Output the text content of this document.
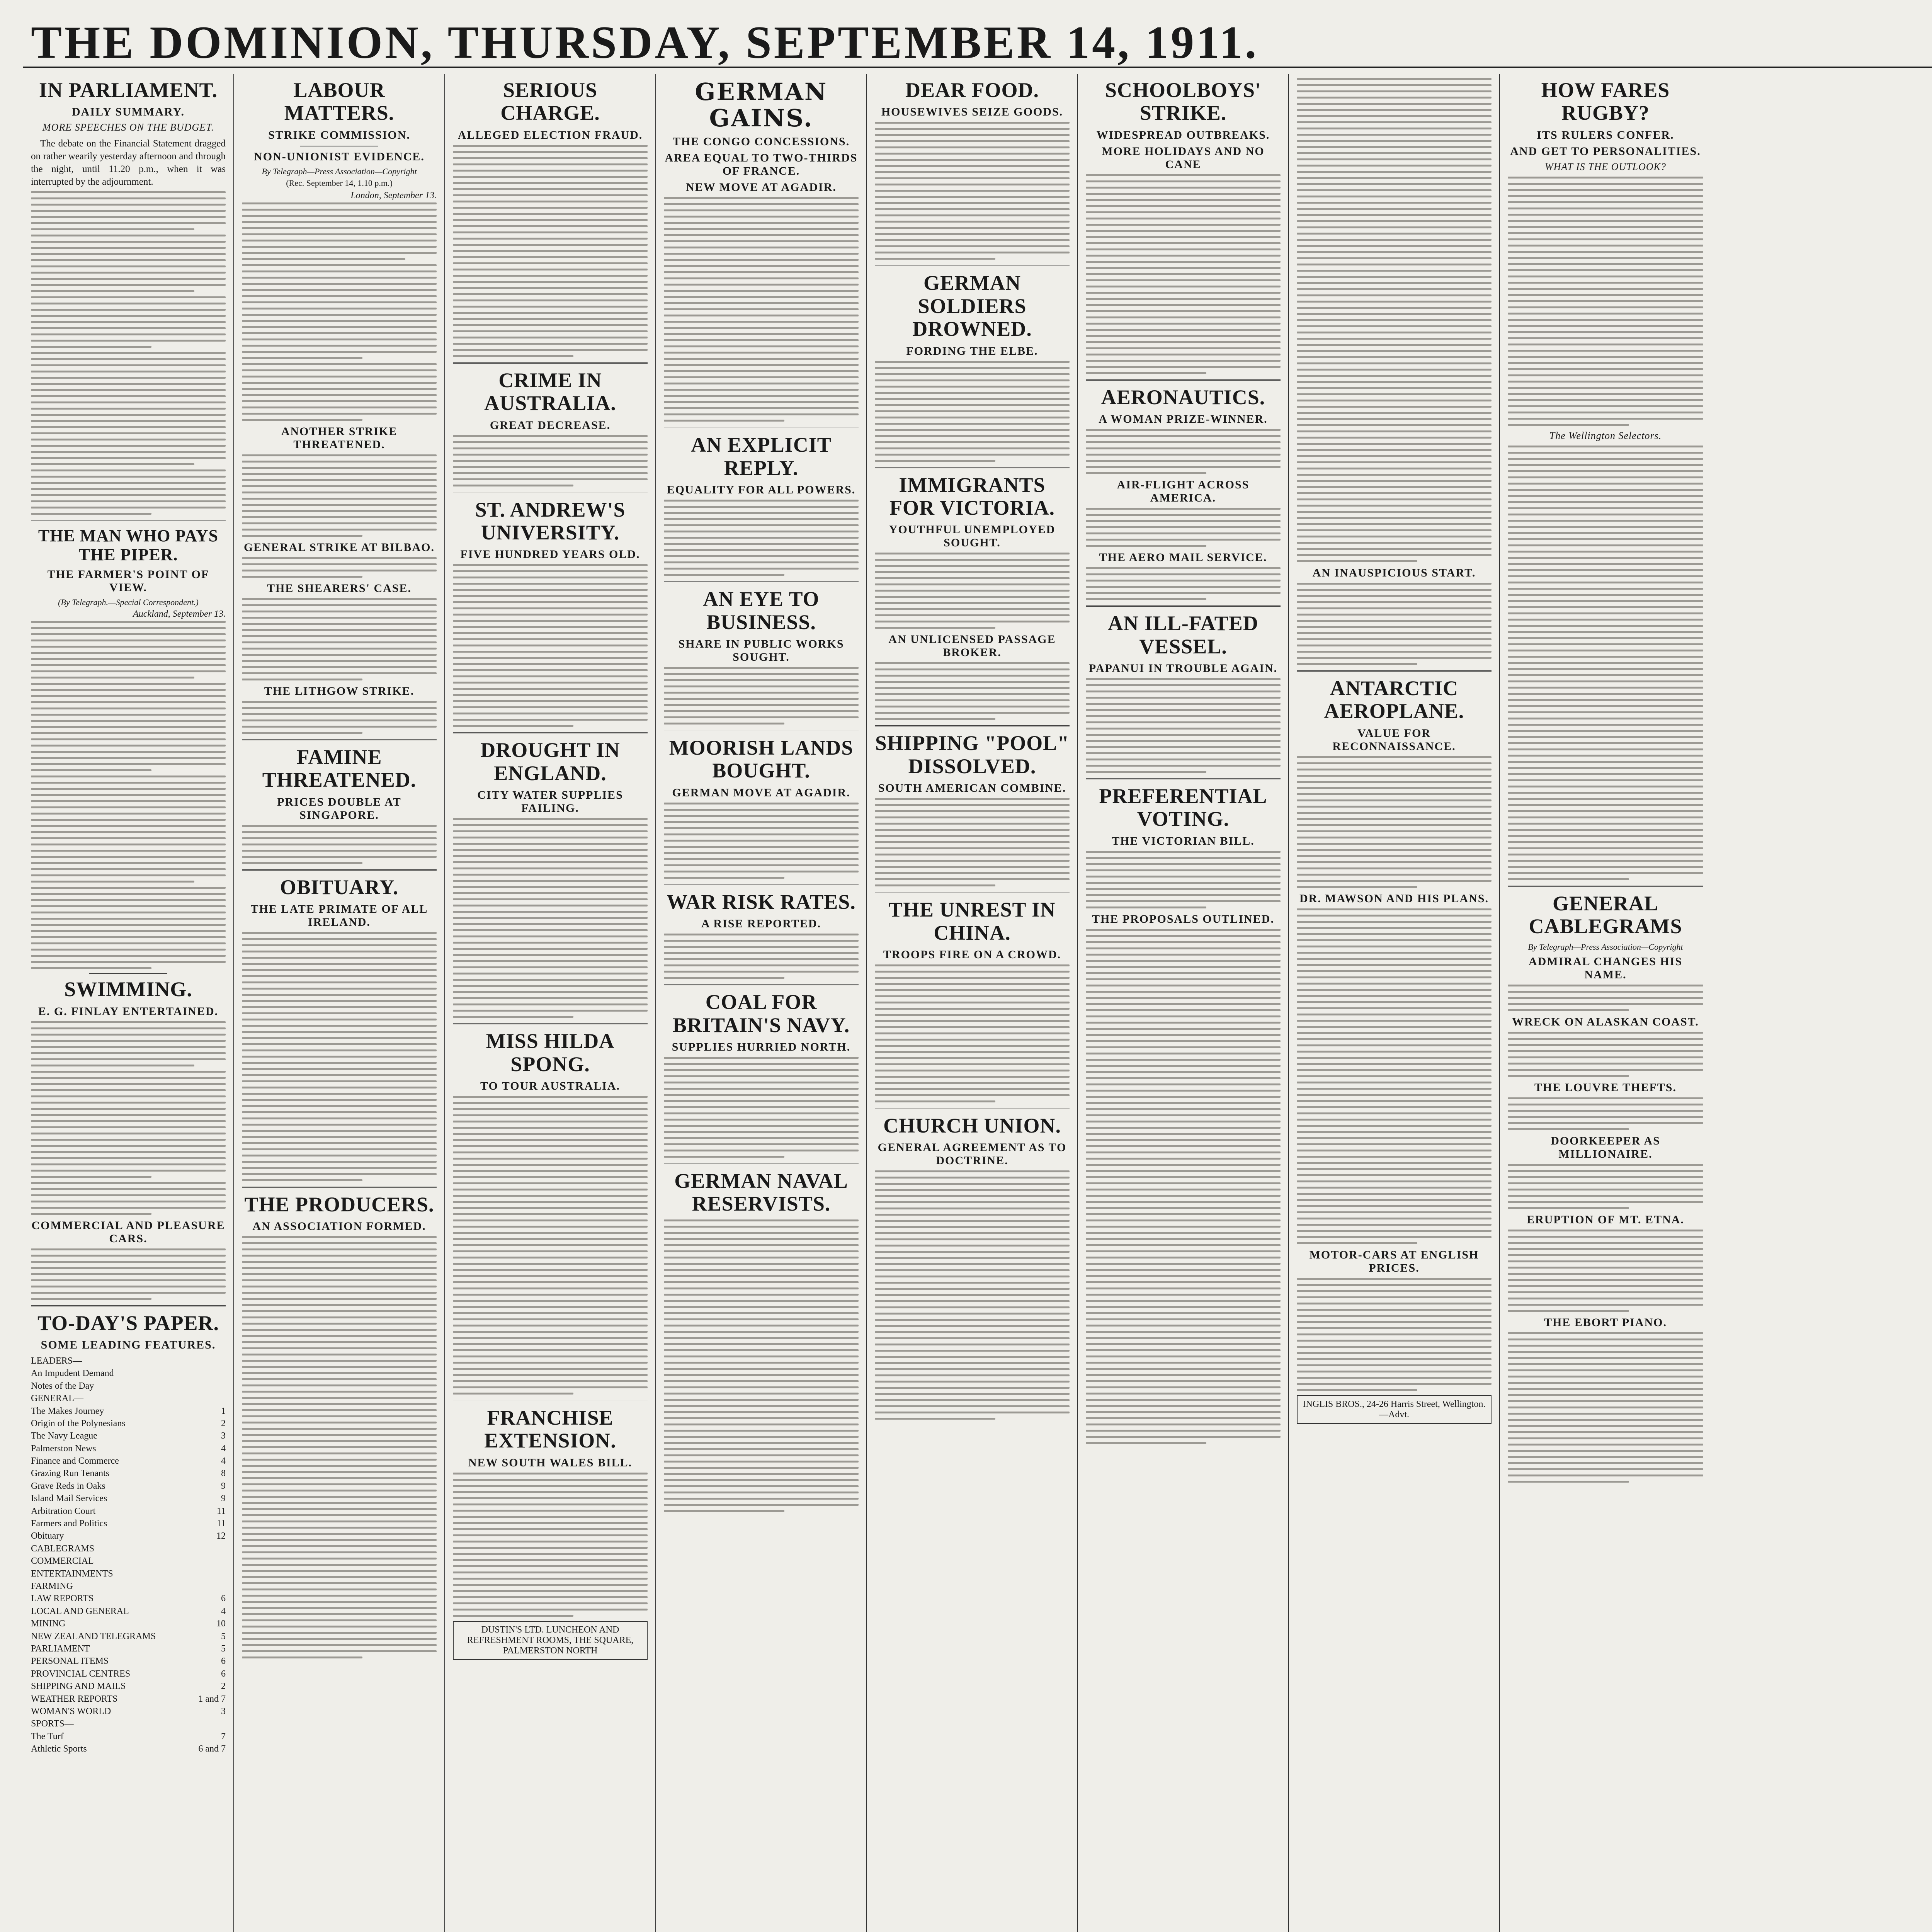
THE DOMINION, THURSDAY, SEPTEMBER 14, 1911.
IN PARLIAMENT.
DAILY SUMMARY.
MORE SPEECHES ON THE BUDGET.

The debate on the Financial Statement dragged on rather wearily yesterday afternoon and through the night, until 11.20 p.m., when it was interrupted by the adjournment.

THE MAN WHO PAYS THE PIPER.
THE FARMER'S POINT OF VIEW.
(By Telegraph.—Special Correspondent.)
Auckland, September 13.
SWIMMING.
E. G. FINLAY ENTERTAINED.
COMMERCIAL AND PLEASURE CARS.
TO-DAY'S PAPER.
SOME LEADING FEATURES.
LEADERS—
An Impudent Demand
Notes of the Day
GENERAL—
The Makes Journey	1
Origin of the Polynesians	2
The Navy League	3
Palmerston News	4
Finance and Commerce	4
Grazing Run Tenants	8
Grave Reds in Oaks	9
Island Mail Services	9
Arbitration Court	11
Farmers and Politics	11
Obituary	12
CABLEGRAMS
COMMERCIAL
ENTERTAINMENTS
FARMING
LAW REPORTS	6
LOCAL AND GENERAL	4
MINING	10
NEW ZEALAND TELEGRAMS	5
PARLIAMENT	5
PERSONAL ITEMS	6
PROVINCIAL CENTRES	6
SHIPPING AND MAILS	2
WEATHER REPORTS	1 and 7
WOMAN'S WORLD	3
SPORTS—
The Turf	7
Athletic Sports	6 and 7
LABOUR MATTERS.
STRIKE COMMISSION.
NON-UNIONIST EVIDENCE.
By Telegraph—Press Association—Copyright
(Rec. September 14, 1.10 p.m.)
London, September 13.
ANOTHER STRIKE THREATENED.
GENERAL STRIKE AT BILBAO.
THE SHEARERS' CASE.
THE LITHGOW STRIKE.
FAMINE THREATENED.
PRICES DOUBLE AT SINGAPORE.
OBITUARY.
THE LATE PRIMATE OF ALL IRELAND.
THE PRODUCERS.
AN ASSOCIATION FORMED.
SERIOUS CHARGE.
ALLEGED ELECTION FRAUD.
CRIME IN AUSTRALIA.
GREAT DECREASE.
ST. ANDREW'S UNIVERSITY.
FIVE HUNDRED YEARS OLD.
DROUGHT IN ENGLAND.
CITY WATER SUPPLIES FAILING.
MISS HILDA SPONG.
TO TOUR AUSTRALIA.
FRANCHISE EXTENSION.
NEW SOUTH WALES BILL.
DUSTIN'S LTD. LUNCHEON AND REFRESHMENT ROOMS, THE SQUARE, PALMERSTON NORTH
GERMAN GAINS.
THE CONGO CONCESSIONS.
AREA EQUAL TO TWO-THIRDS OF FRANCE.
NEW MOVE AT AGADIR.
AN EXPLICIT REPLY.
EQUALITY FOR ALL POWERS.
AN EYE TO BUSINESS.
SHARE IN PUBLIC WORKS SOUGHT.
MOORISH LANDS BOUGHT.
GERMAN MOVE AT AGADIR.
WAR RISK RATES.
A RISE REPORTED.
COAL FOR BRITAIN'S NAVY.
SUPPLIES HURRIED NORTH.
GERMAN NAVAL RESERVISTS.
DEAR FOOD.
HOUSEWIVES SEIZE GOODS.
GERMAN SOLDIERS DROWNED.
FORDING THE ELBE.
IMMIGRANTS FOR VICTORIA.
YOUTHFUL UNEMPLOYED SOUGHT.
AN UNLICENSED PASSAGE BROKER.
SHIPPING "POOL" DISSOLVED.
SOUTH AMERICAN COMBINE.
THE UNREST IN CHINA.
TROOPS FIRE ON A CROWD.
CHURCH UNION.
GENERAL AGREEMENT AS TO DOCTRINE.
SCHOOLBOYS' STRIKE.
WIDESPREAD OUTBREAKS.
MORE HOLIDAYS AND NO CANE
AERONAUTICS.
A WOMAN PRIZE-WINNER.
AIR-FLIGHT ACROSS AMERICA.
THE AERO MAIL SERVICE.
AN ILL-FATED VESSEL.
PAPANUI IN TROUBLE AGAIN.
PREFERENTIAL VOTING.
THE VICTORIAN BILL.
THE PROPOSALS OUTLINED.
AN INAUSPICIOUS START.
ANTARCTIC AEROPLANE.
VALUE FOR RECONNAISSANCE.
DR. MAWSON AND HIS PLANS.
MOTOR-CARS AT ENGLISH PRICES.
INGLIS BROS., 24-26 Harris Street, Wellington.—Advt.
HOW FARES RUGBY?
ITS RULERS CONFER.
AND GET TO PERSONALITIES.
WHAT IS THE OUTLOOK?
The Wellington Selectors.
GENERAL CABLEGRAMS
By Telegraph—Press Association—Copyright
ADMIRAL CHANGES HIS NAME.
WRECK ON ALASKAN COAST.
THE LOUVRE THEFTS.
DOORKEEPER AS MILLIONAIRE.
ERUPTION OF MT. ETNA.
THE EBORT PIANO.
